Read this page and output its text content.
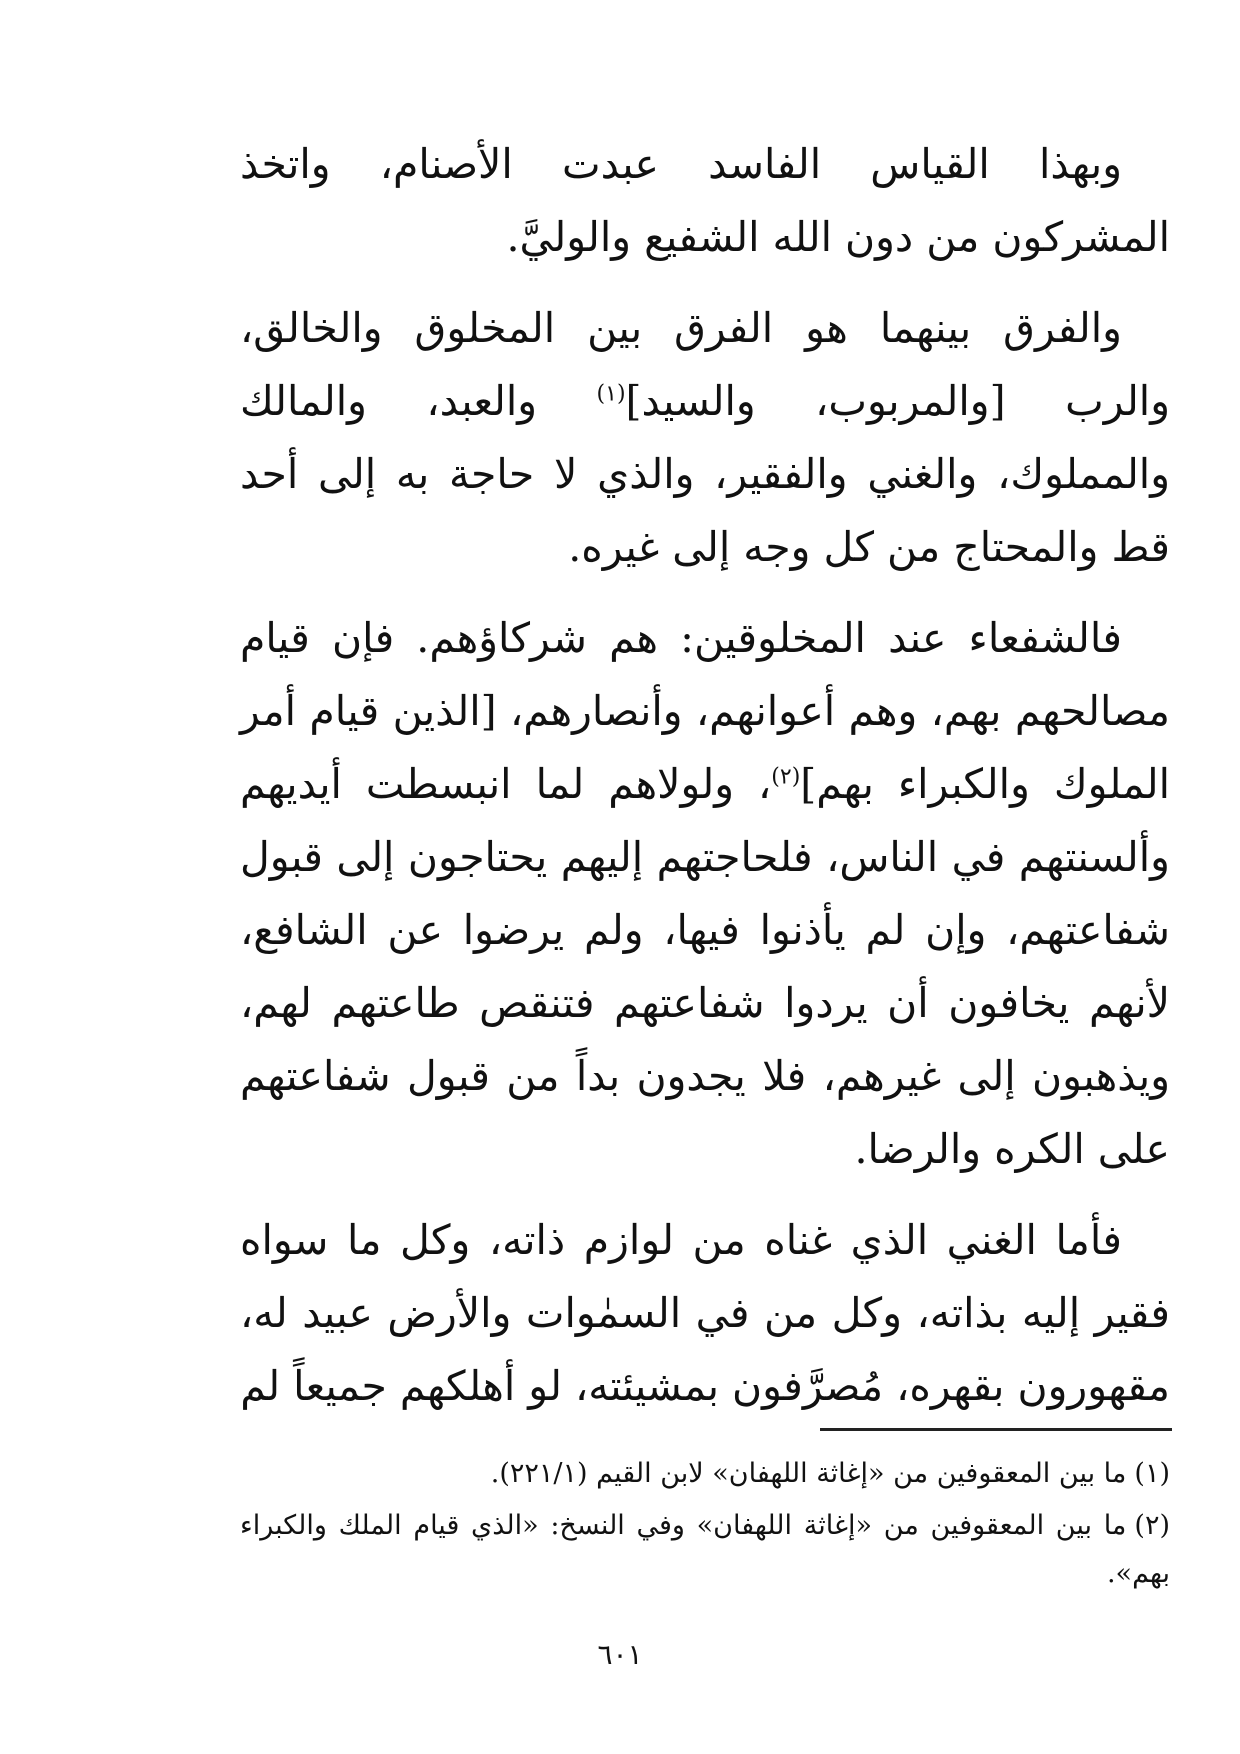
وبهذا القياس الفاسد عبدت الأصنام، واتخذ المشركون من دون الله الشفيع والوليَّ.

والفرق بينهما هو الفرق بين المخلوق والخالق، والرب [والمربوب، والسيد]$^{(١)}$ والعبد، والمالك والمملوك، والغني والفقير، والذي لا حاجة به إلى أحد قط والمحتاج من كل وجه إلى غيره.

فالشفعاء عند المخلوقين: هم شركاؤهم. فإن قيام مصالحهم بهم، وهم أعوانهم، وأنصارهم، [الذين قيام أمر الملوك والكبراء بهم]$^{(٢)}$، ولولاهم لما انبسطت أيديهم وألسنتهم في الناس، فلحاجتهم إليهم يحتاجون إلى قبول شفاعتهم، وإن لم يأذنوا فيها، ولم يرضوا عن الشافع، لأنهم يخافون أن يردوا شفاعتهم فتنقص طاعتهم لهم، ويذهبون إلى غيرهم، فلا يجدون بداً من قبول شفاعتهم على الكره والرضا.

فأما الغني الذي غناه من لوازم ذاته، وكل ما سواه فقير إليه بذاته، وكل من في السمٰوات والأرض عبيد له، مقهورون بقهره، مُصرَّفون بمشيئته، لو أهلكهم جميعاً لم

(١)ما بين المعقوفين من «إغاثة اللهفان» لابن القيم (٢٢١/١).

(٢)ما بين المعقوفين من «إغاثة اللهفان» وفي النسخ: «الذي قيام الملك والكبراء بهم».

٦٠١
